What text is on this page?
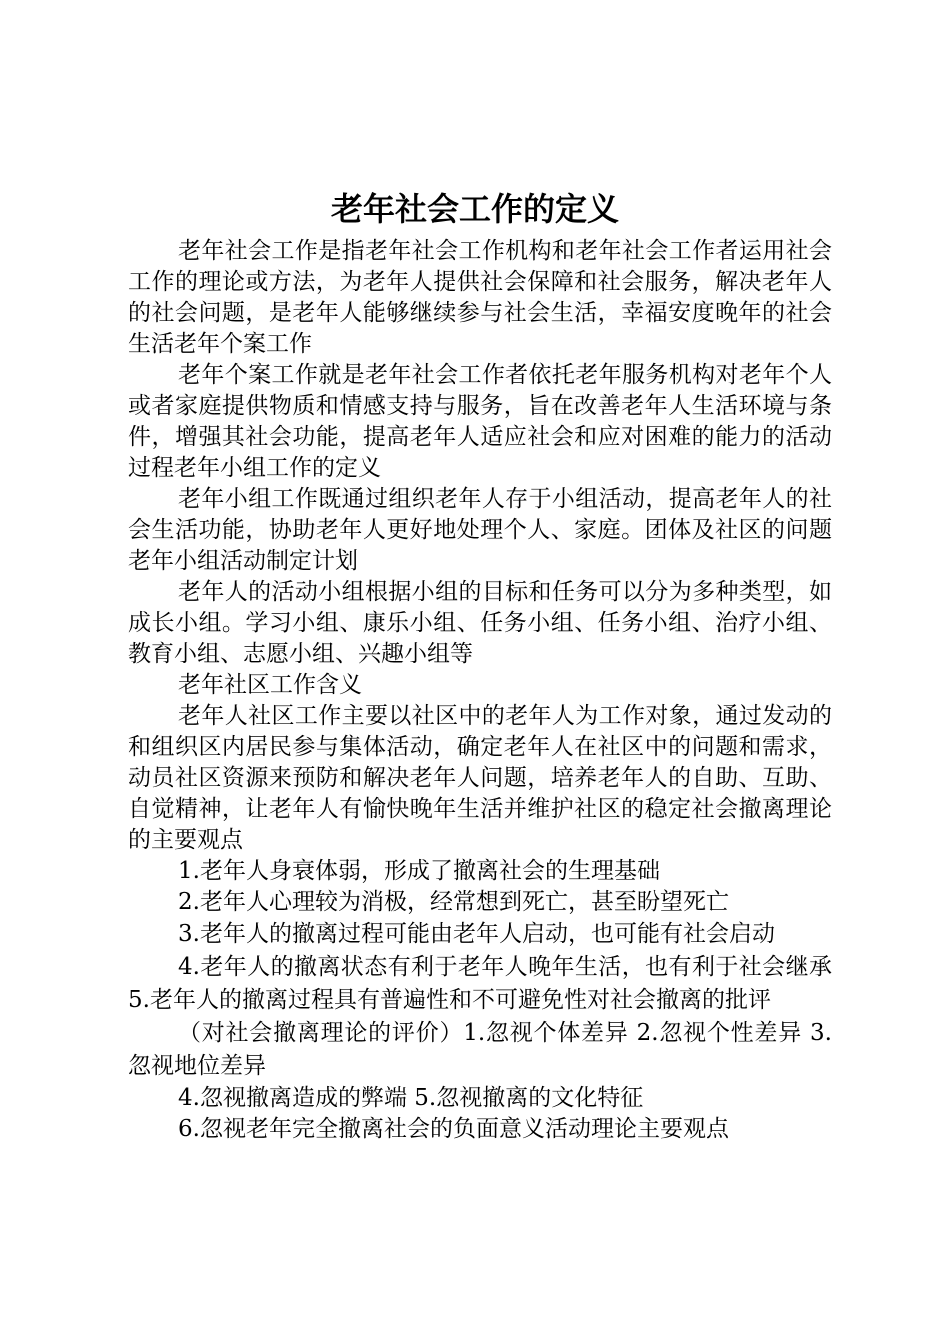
老年社会工作的定义

老年社会工作是指老年社会工作机构和老年社会工作者运用社会工作的理论或方法，为老年人提供社会保障和社会服务，解决老年人的社会问题，是老年人能够继续参与社会生活，幸福安度晚年的社会生活老年个案工作

老年个案工作就是老年社会工作者依托老年服务机构对老年个人或者家庭提供物质和情感支持与服务，旨在改善老年人生活环境与条件，增强其社会功能，提高老年人适应社会和应对困难的能力的活动过程老年小组工作的定义

老年小组工作既通过组织老年人存于小组活动，提高老年人的社会生活功能，协助老年人更好地处理个人、家庭。团体及社区的问题老年小组活动制定计划

老年人的活动小组根据小组的目标和任务可以分为多种类型，如成长小组。学习小组、康乐小组、任务小组、任务小组、治疗小组、教育小组、志愿小组、兴趣小组等

老年社区工作含义

老年人社区工作主要以社区中的老年人为工作对象，通过发动的和组织区内居民参与集体活动，确定老年人在社区中的问题和需求，动员社区资源来预防和解决老年人问题，培养老年人的自助、互助、自觉精神，让老年人有愉快晚年生活并维护社区的稳定社会撤离理论的主要观点

1.老年人身衰体弱，形成了撤离社会的生理基础

2.老年人心理较为消极，经常想到死亡，甚至盼望死亡

3.老年人的撤离过程可能由老年人启动，也可能有社会启动

4.老年人的撤离状态有利于老年人晚年生活，也有利于社会继承 5.老年人的撤离过程具有普遍性和不可避免性对社会撤离的批评

（对社会撤离理论的评价）1.忽视个体差异 2.忽视个性差异 3.忽视地位差异

4.忽视撤离造成的弊端 5.忽视撤离的文化特征

6.忽视老年完全撤离社会的负面意义活动理论主要观点
